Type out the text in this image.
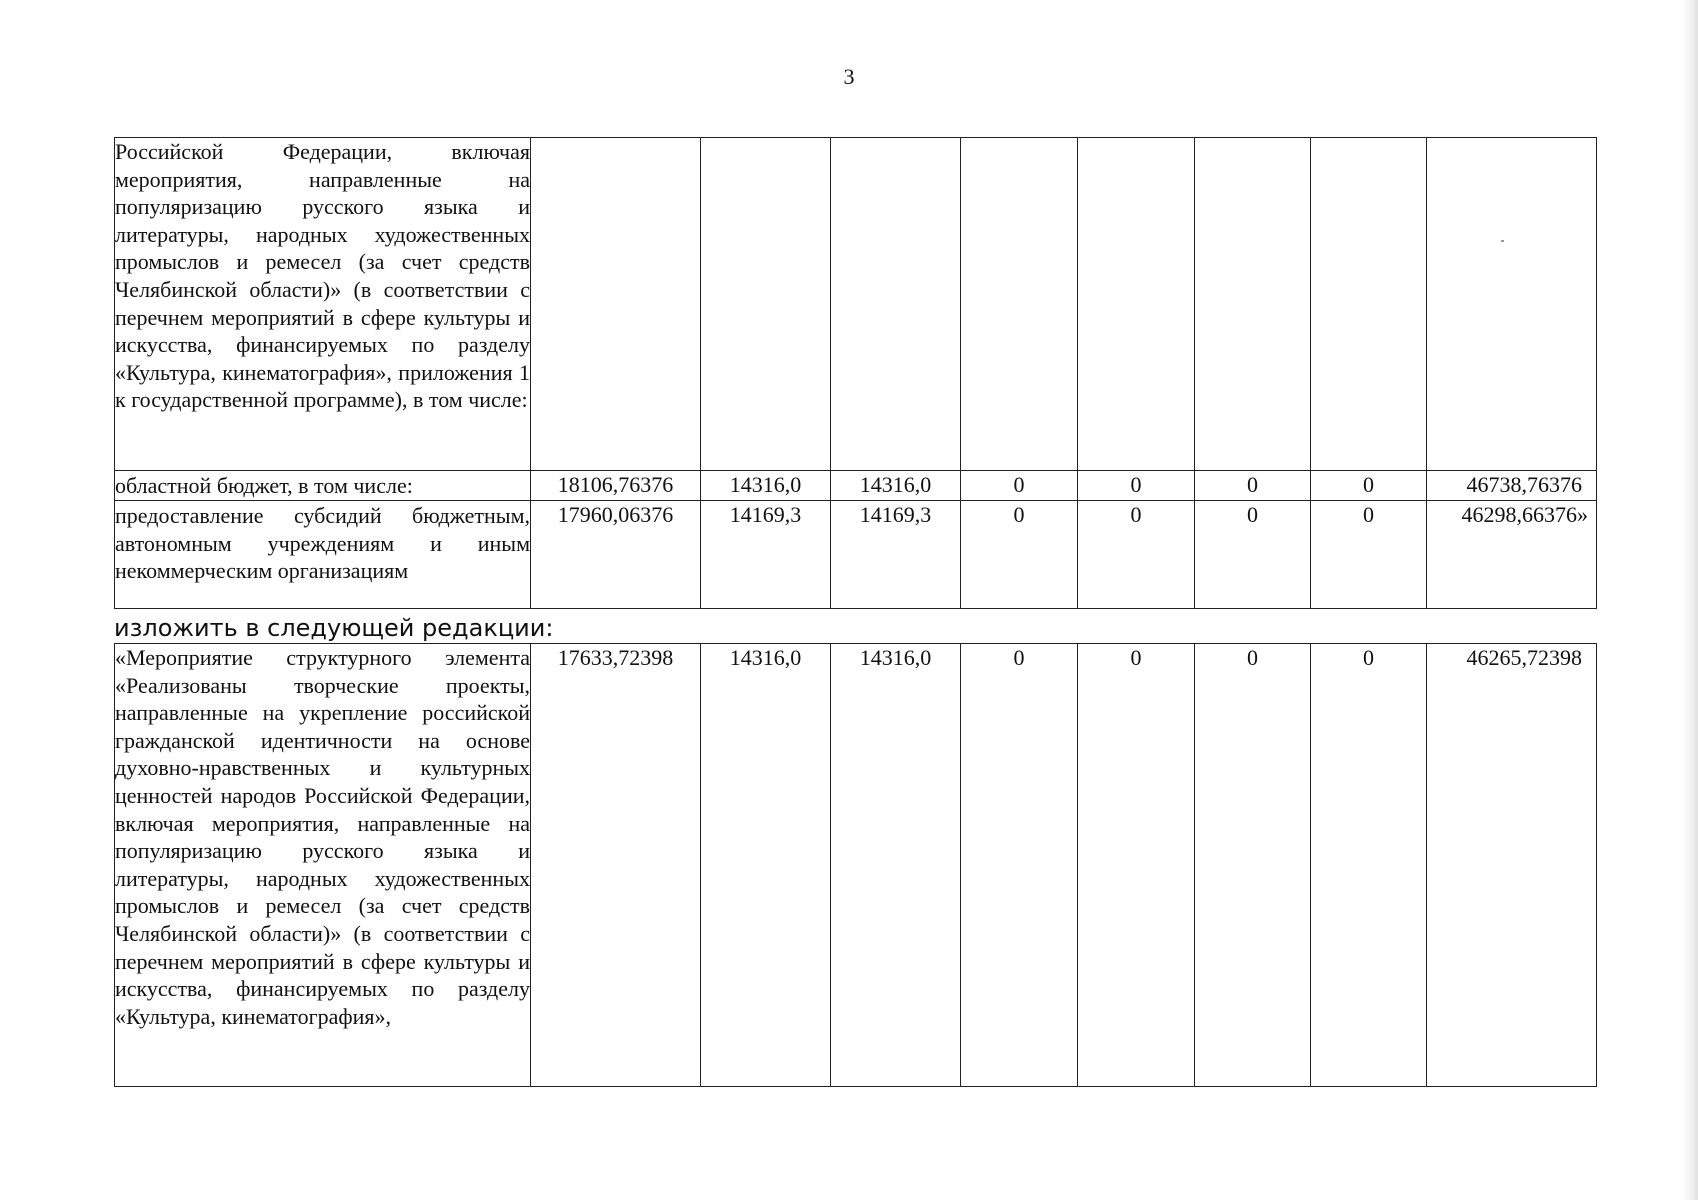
3
Российской Федерации, включая мероприятия, направленные на популяризацию русского языка и литературы, народных художественных промыслов и ремесел (за счет средств Челябинской области)» (в соответствии с перечнем мероприятий в сфере культуры и искусства, финансируемых по разделу «Культура, кинематография», приложения 1 к государственной программе), в том числе:								
областной бюджет, в том числе:	18106,76376	14316,0	14316,0	0	0	0	0	46738,76376
предоставление субсидий бюджетным, автономным учреждениям и иным некоммерческим организациям	17960,06376	14169,3	14169,3	0	0	0	0	46298,66376»
изложить в следующей редакции:
«Мероприятие структурного элемента «Реализованы творческие проекты, направленные на укрепление российской гражданской идентичности на основе духовно-нравственных и культурных ценностей народов Российской Федерации, включая мероприятия, направленные на популяризацию русского языка и литературы, народных художественных промыслов и ремесел (за счет средств Челябинской области)» (в соответствии с перечнем мероприятий в сфере культуры и искусства, финансируемых по разделу «Культура, кинематография»,	17633,72398	14316,0	14316,0	0	0	0	0	46265,72398
